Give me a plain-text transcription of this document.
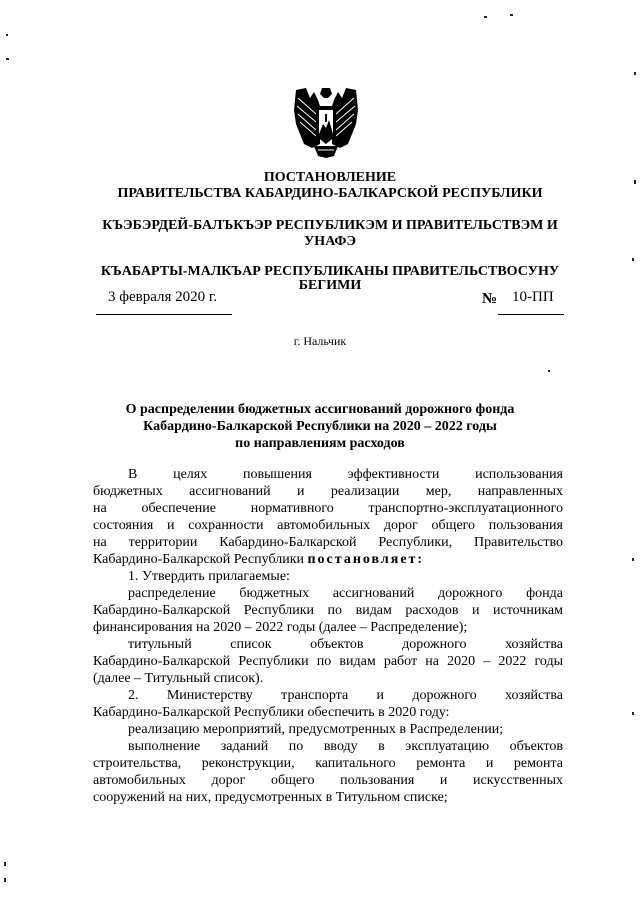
ПОСТАНОВЛЕНИЕ
ПРАВИТЕЛЬСТВА КАБАРДИНО-БАЛКАРСКОЙ РЕСПУБЛИКИ
КЪЭБЭРДЕЙ-БАЛЪКЪЭР РЕСПУБЛИКЭМ И ПРАВИТЕЛЬСТВЭМ И
УНАФЭ
КЪАБАРТЫ-МАЛКЪАР РЕСПУБЛИКАНЫ ПРАВИТЕЛЬСТВОСУНУ
БЕГИМИ
3 февраля 2020 г.	№ 10-ПП
г. Нальчик
О распределении бюджетных ассигнований дорожного фонда
Кабардино-Балкарской Республики на 2020 – 2022 годы
по направлениям расходов

В целях повышения эффективности использования

бюджетных ассигнований и реализации мер, направленных

на обеспечение нормативного транспортно-эксплуатационного

состояния и сохранности автомобильных дорог общего пользования

на территории Кабардино-Балкарской Республики, Правительство

Кабардино-Балкарской Республики постановляет:

1. Утвердить прилагаемые:

распределение бюджетных ассигнований дорожного фонда

Кабардино-Балкарской Республики по видам расходов и источникам

финансирования на 2020 – 2022 годы (далее – Распределение);

титульный список объектов дорожного хозяйства

Кабардино-Балкарской Республики по видам работ на 2020 – 2022 годы

(далее – Титульный список).

2. Министерству транспорта и дорожного хозяйства

Кабардино-Балкарской Республики обеспечить в 2020 году:

реализацию мероприятий, предусмотренных в Распределении;

выполнение заданий по вводу в эксплуатацию объектов

строительства, реконструкции, капитального ремонта и ремонта

автомобильных дорог общего пользования и искусственных

сооружений на них, предусмотренных в Титульном списке;
